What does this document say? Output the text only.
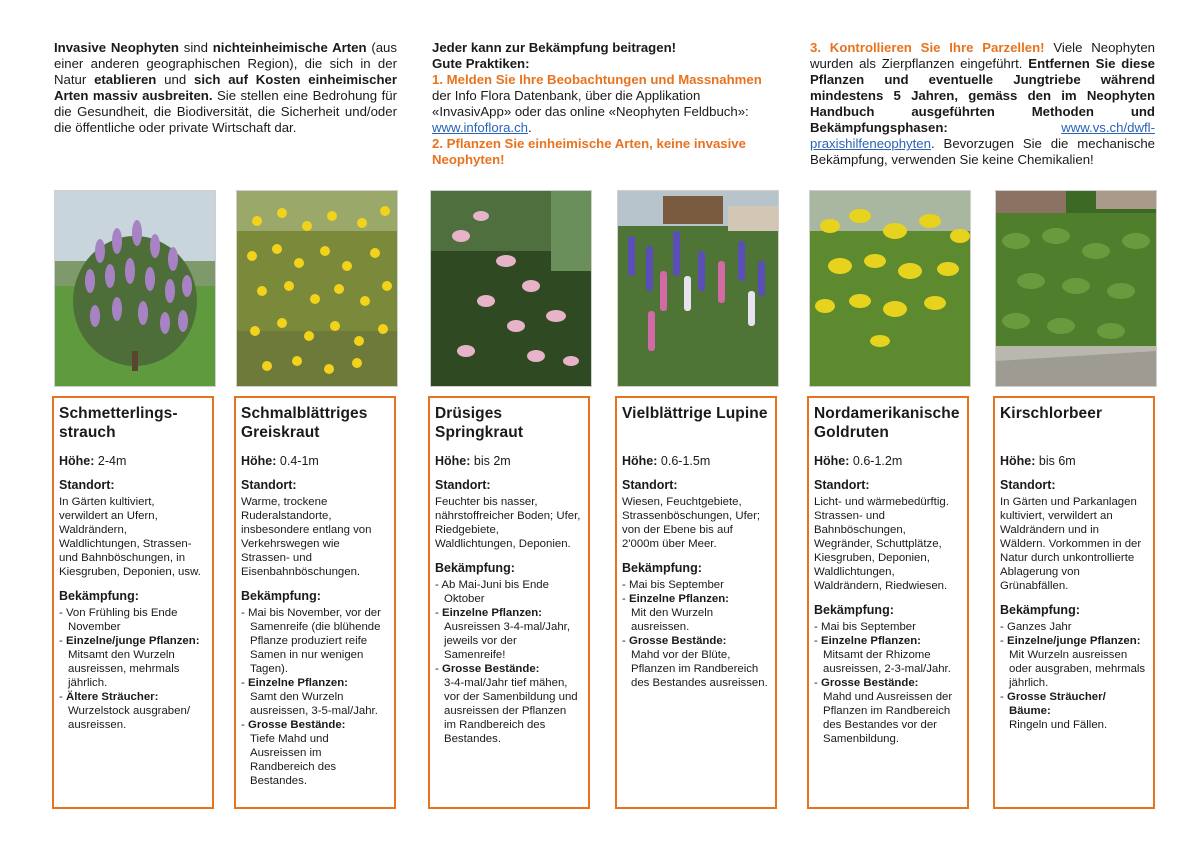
Invasive Neophyten sind nichteinheimische Arten (aus einer anderen geographischen Region), die sich in der Natur etablieren und sich auf Kosten einheimischer Arten massiv ausbreiten. Sie stellen eine Bedrohung für die Gesundheit, die Biodiversität, die Sicherheit und/oder die öffentliche oder private Wirtschaft dar.

Jeder kann zur Bekämpfung beitragen!
Gute Praktiken:
1. Melden Sie Ihre Beobachtungen und Massnahmen der Info Flora Datenbank, über die Applikation «InvasivApp» oder das online «Neophyten Feldbuch»: www.infoflora.ch.
2. Pflanzen Sie einheimische Arten, keine invasive Neophyten!

3. Kontrollieren Sie Ihre Parzellen! Viele Neophyten wurden als Zierpflanzen eingeführt. Entfernen Sie diese Pflanzen und eventuelle Jungtriebe während mindestens 5 Jahren, gemäss den im Neophyten Handbuch ausgeführten Methoden und Bekämpfungsphasen:	www.vs.ch/dwfl-praxishilfeneophyten. Bevorzugen Sie die mechanische Bekämpfung, verwenden Sie keine Chemikalien!

Schmetterlings-strauch

Höhe: 2-4m

Standort:

In Gärten kultiviert, verwildert an Ufern, Waldrändern, Waldlichtungen, Strassen- und Bahnböschungen, in Kiesgruben, Deponien, usw.

Bekämpfung:

- Von Frühling bis Ende November
- Einzelne/junge Pflanzen:
Mitsamt den Wurzeln ausreissen, mehrmals jährlich.
- Ältere Sträucher:
Wurzelstock ausgraben/ ausreissen.
Schmalblättriges Greiskraut

Höhe: 0.4-1m

Standort:

Warme, trockene Ruderalstandorte, insbesondere entlang von Verkehrswegen wie Strassen- und Eisenbahnböschungen.

Bekämpfung:

- Mai bis November, vor der Samenreife (die blühende Pflanze produziert reife Samen in nur wenigen Tagen).
- Einzelne Pflanzen:
Samt den Wurzeln ausreissen, 3-5-mal/Jahr.
- Grosse Bestände:
Tiefe Mahd und Ausreissen im Randbereich des Bestandes.
Drüsiges Springkraut

Höhe: bis 2m

Standort:

Feuchter bis nasser, nährstoffreicher Boden; Ufer, Riedgebiete, Waldlichtungen, Deponien.

Bekämpfung:

- Ab Mai-Juni bis Ende Oktober
- Einzelne Pflanzen:
Ausreissen 3-4-mal/Jahr, jeweils vor der Samenreife!
- Grosse Bestände:
3-4-mal/Jahr tief mähen, vor der Samenbildung und ausreissen der Pflanzen im Randbereich des Bestandes.
Vielblättrige Lupine

Höhe: 0.6-1.5m

Standort:

Wiesen, Feuchtgebiete, Strassenböschungen, Ufer; von der Ebene bis auf 2'000m über Meer.

Bekämpfung:

- Mai bis September
- Einzelne Pflanzen:
Mit den Wurzeln ausreissen.
- Grosse Bestände:
Mahd vor der Blüte, Pflanzen im Randbereich des Bestandes ausreissen.
Nordamerikanische Goldruten

Höhe: 0.6-1.2m

Standort:

Licht- und wärmebedürftig. Strassen- und Bahnböschungen, Wegränder, Schuttplätze, Kiesgruben, Deponien, Waldlichtungen, Waldrändern, Riedwiesen.

Bekämpfung:

- Mai bis September
- Einzelne Pflanzen:
Mitsamt der Rhizome ausreissen, 2-3-mal/Jahr.
- Grosse Bestände:
Mahd und Ausreissen der Pflanzen im Randbereich des Bestandes vor der Samenbildung.
Kirschlorbeer

Höhe: bis 6m

Standort:

In Gärten und Parkanlagen kultiviert, verwildert an Waldrändern und in Wäldern. Vorkommen in der Natur durch unkontrollierte Ablagerung von Grünabfällen.

Bekämpfung:

- Ganzes Jahr
- Einzelne/junge Pflanzen:
Mit Wurzeln ausreissen oder ausgraben, mehrmals jährlich.
- Grosse Sträucher/ Bäume:
Ringeln und Fällen.
